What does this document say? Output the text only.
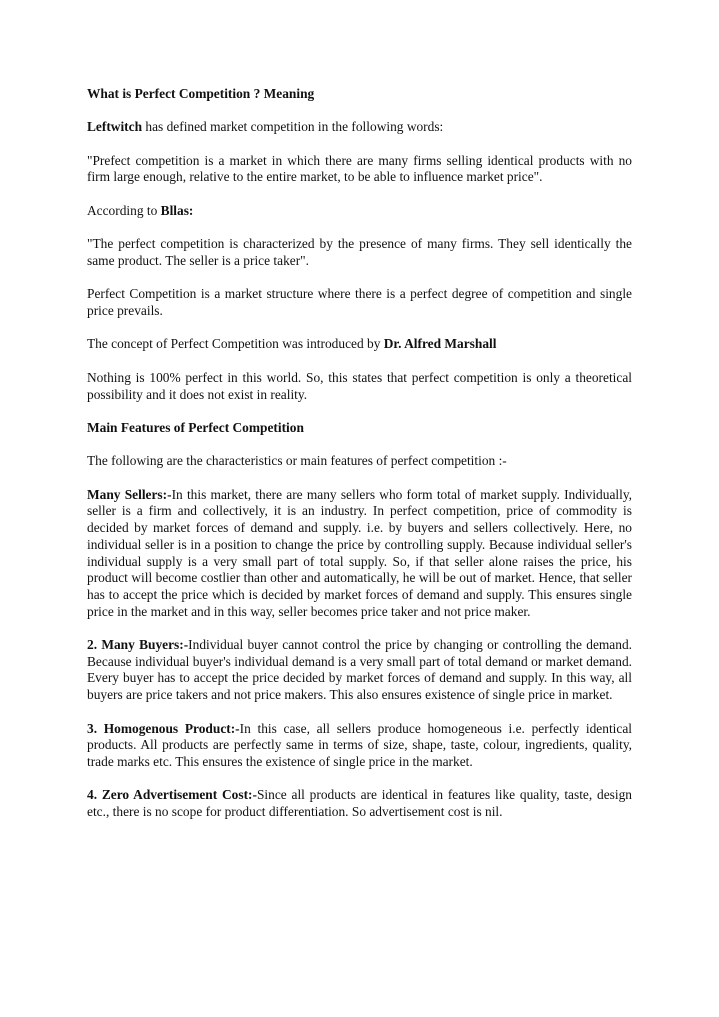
What is Perfect Competition ? Meaning

Leftwitch has defined market competition in the following words:

"Prefect competition is a market in which there are many firms selling identical products with no firm large enough, relative to the entire market, to be able to influence market price".

According to Bllas:

"The perfect competition is characterized by the presence of many firms. They sell identically the same product. The seller is a price taker".

Perfect Competition is a market structure where there is a perfect degree of competition and single price prevails.

The concept of Perfect Competition was introduced by Dr. Alfred Marshall

Nothing is 100% perfect in this world. So, this states that perfect competition is only a theoretical possibility and it does not exist in reality.

Main Features of Perfect Competition

The following are the characteristics or main features of perfect competition :-

Many Sellers:-In this market, there are many sellers who form total of market supply. Individually, seller is a firm and collectively, it is an industry. In perfect competition, price of commodity is decided by market forces of demand and supply. i.e. by buyers and sellers collectively. Here, no individual seller is in a position to change the price by controlling supply. Because individual seller's individual supply is a very small part of total supply. So, if that seller alone raises the price, his product will become costlier than other and automatically, he will be out of market. Hence, that seller has to accept the price which is decided by market forces of demand and supply. This ensures single price in the market and in this way, seller becomes price taker and not price maker.

2. Many Buyers:-Individual buyer cannot control the price by changing or controlling the demand. Because individual buyer's individual demand is a very small part of total demand or market demand. Every buyer has to accept the price decided by market forces of demand and supply. In this way, all buyers are price takers and not price makers. This also ensures existence of single price in market.

3. Homogenous Product:-In this case, all sellers produce homogeneous i.e. perfectly identical products. All products are perfectly same in terms of size, shape, taste, colour, ingredients, quality, trade marks etc. This ensures the existence of single price in the market.

4. Zero Advertisement Cost:-Since all products are identical in features like quality, taste, design etc., there is no scope for product differentiation. So advertisement cost is nil.
